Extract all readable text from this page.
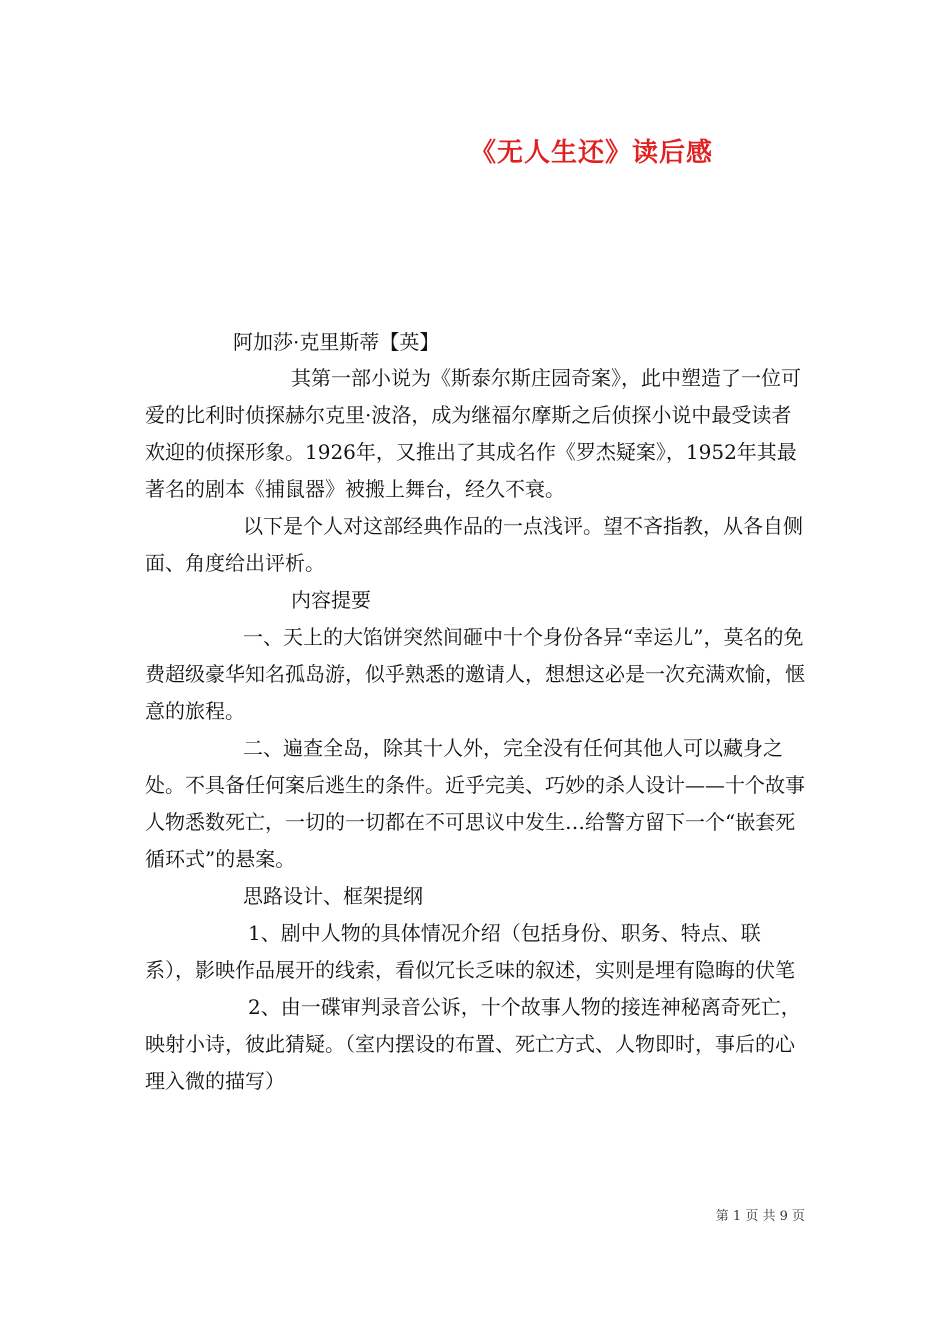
《无人生还》读后感
阿加莎·克里斯蒂【英】

其第一部小说为《斯泰尔斯庄园奇案》，此中塑造了一位可爱的比利时侦探赫尔克里·波洛，成为继福尔摩斯之后侦探小说中最受读者欢迎的侦探形象。1926年，又推出了其成名作《罗杰疑案》，1952年其最著名的剧本《捕鼠器》被搬上舞台，经久不衰。

以下是个人对这部经典作品的一点浅评。望不吝指教，从各自侧面、角度给出评析。

内容提要

一、天上的大馅饼突然间砸中十个身份各异“幸运儿”，莫名的免费超级豪华知名孤岛游，似乎熟悉的邀请人，想想这必是一次充满欢愉，惬意的旅程。

二、遍查全岛，除其十人外，完全没有任何其他人可以藏身之处。不具备任何案后逃生的条件。近乎完美、巧妙的杀人设计——十个故事人物悉数死亡，一切的一切都在不可思议中发生…给警方留下一个“嵌套死循环式”的悬案。

思路设计、框架提纲

1、剧中人物的具体情况介绍（包括身份、职务、特点、联系），影映作品展开的线索，看似冗长乏味的叙述，实则是埋有隐晦的伏笔

2、由一碟审判录音公诉，十个故事人物的接连神秘离奇死亡，映射小诗，彼此猜疑。（室内摆设的布置、死亡方式、人物即时，事后的心理入微的描写）

第 1 页 共 9 页
